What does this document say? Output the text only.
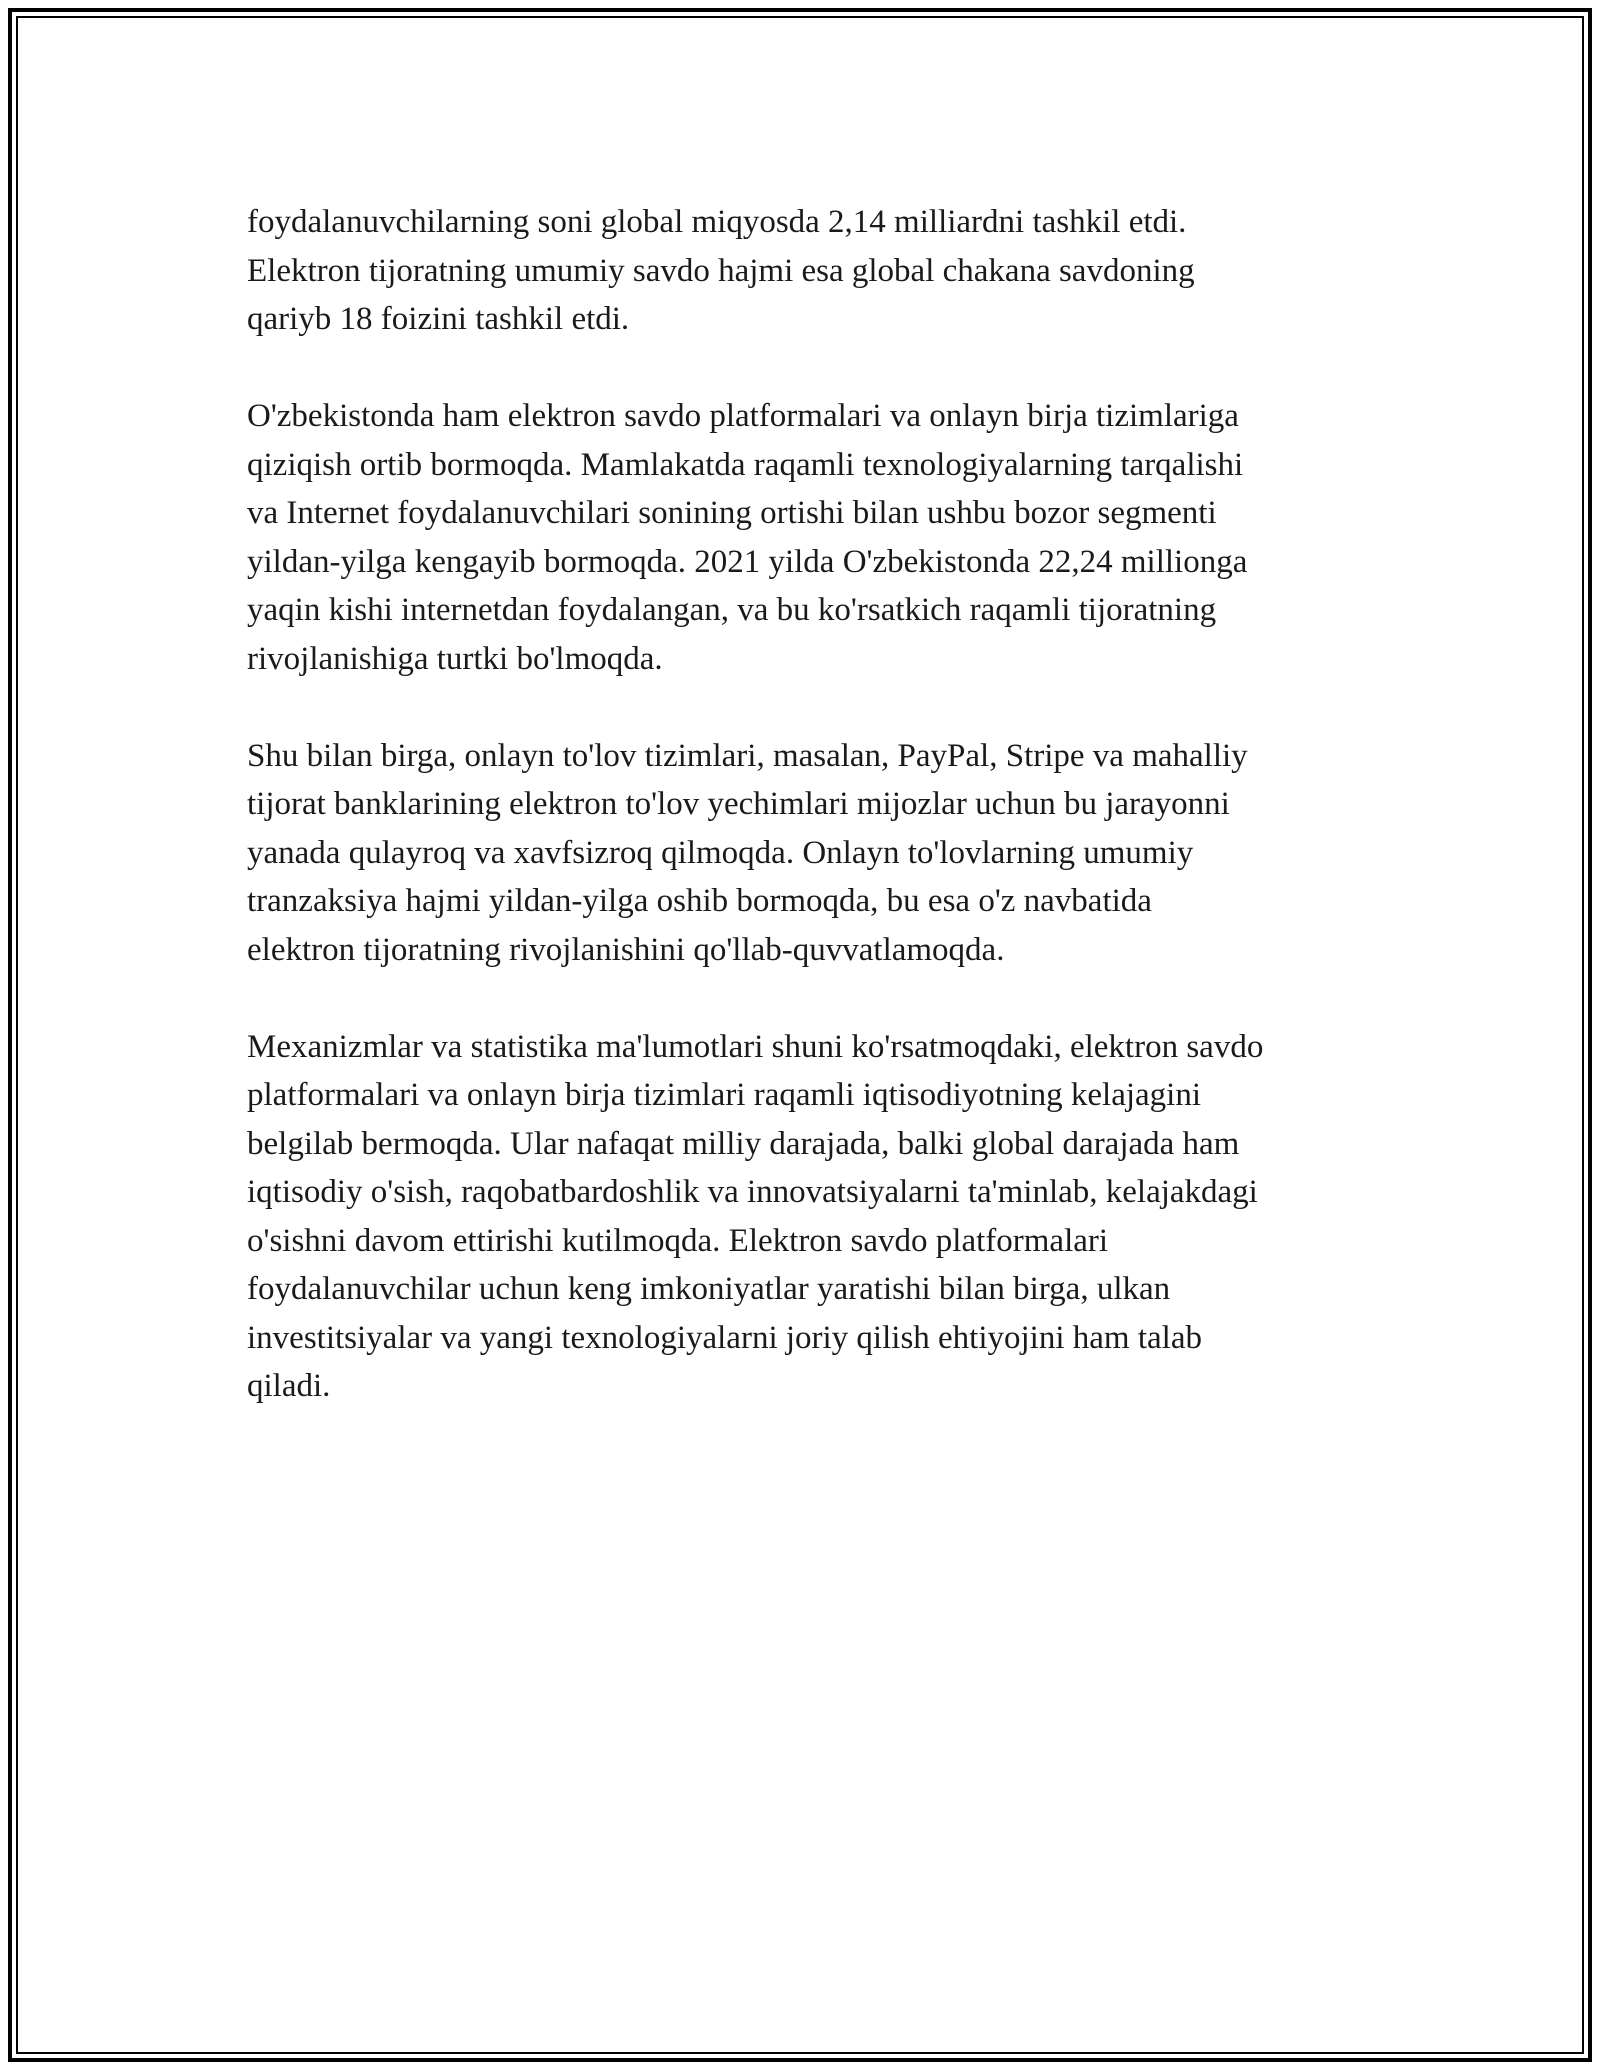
foydalanuvchilarning soni global miqyosda 2,14 milliardni tashkil etdi.
Elektron tijoratning umumiy savdo hajmi esa global chakana savdoning
qariyb 18 foizini tashkil etdi.

O'zbekistonda ham elektron savdo platformalari va onlayn birja tizimlariga
qiziqish ortib bormoqda. Mamlakatda raqamli texnologiyalarning tarqalishi
va Internet foydalanuvchilari sonining ortishi bilan ushbu bozor segmenti
yildan-yilga kengayib bormoqda. 2021 yilda O'zbekistonda 22,24 millionga
yaqin kishi internetdan foydalangan, va bu ko'rsatkich raqamli tijoratning
rivojlanishiga turtki bo'lmoqda.

Shu bilan birga, onlayn to'lov tizimlari, masalan, PayPal, Stripe va mahalliy
tijorat banklarining elektron to'lov yechimlari mijozlar uchun bu jarayonni
yanada qulayroq va xavfsizroq qilmoqda. Onlayn to'lovlarning umumiy
tranzaksiya hajmi yildan-yilga oshib bormoqda, bu esa o'z navbatida
elektron tijoratning rivojlanishini qo'llab-quvvatlamoqda.

Mexanizmlar va statistika ma'lumotlari shuni ko'rsatmoqdaki, elektron savdo
platformalari va onlayn birja tizimlari raqamli iqtisodiyotning kelajagini
belgilab bermoqda. Ular nafaqat milliy darajada, balki global darajada ham
iqtisodiy o'sish, raqobatbardoshlik va innovatsiyalarni ta'minlab, kelajakdagi
o'sishni davom ettirishi kutilmoqda. Elektron savdo platformalari
foydalanuvchilar uchun keng imkoniyatlar yaratishi bilan birga, ulkan
investitsiyalar va yangi texnologiyalarni joriy qilish ehtiyojini ham talab
qiladi.
